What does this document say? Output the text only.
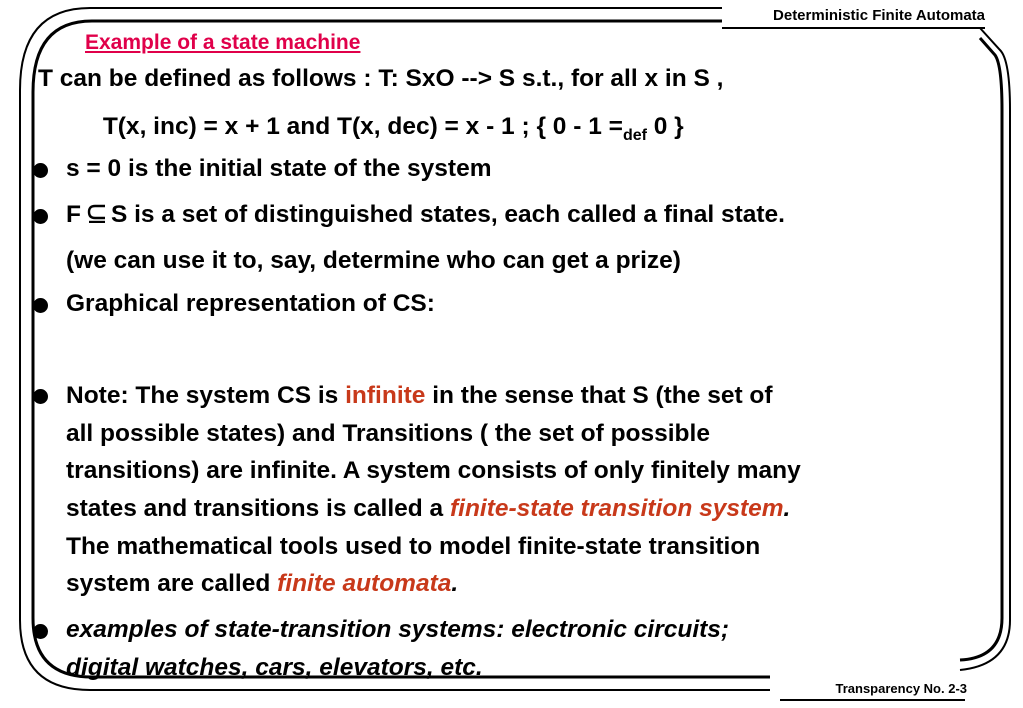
Deterministic Finite Automata
Example of a state machine
T can be defined as follows : T: SxO --> S s.t., for all x in S ,
T(x, inc) = x + 1 and T(x, dec) = x - 1 ; { $0 - 1 =_{def}$ 0 }
s = 0 is the initial state of the system
F S is a set of distinguished states, each called a final state.
(we can use it to, say, determine who can get a prize)
Graphical representation of CS:
Note: The system CS is infinite in the sense that S (the set of
all possible states) and Transitions ( the set of possible
transitions) are infinite. A system consists of only finitely many
states and transitions is called a finite-state transition system.
The mathematical tools used to model finite-state transition
system are called finite automata.
examples of state-transition systems: electronic circuits;
digital watches, cars, elevators, etc.
Transparency No. 2-3
